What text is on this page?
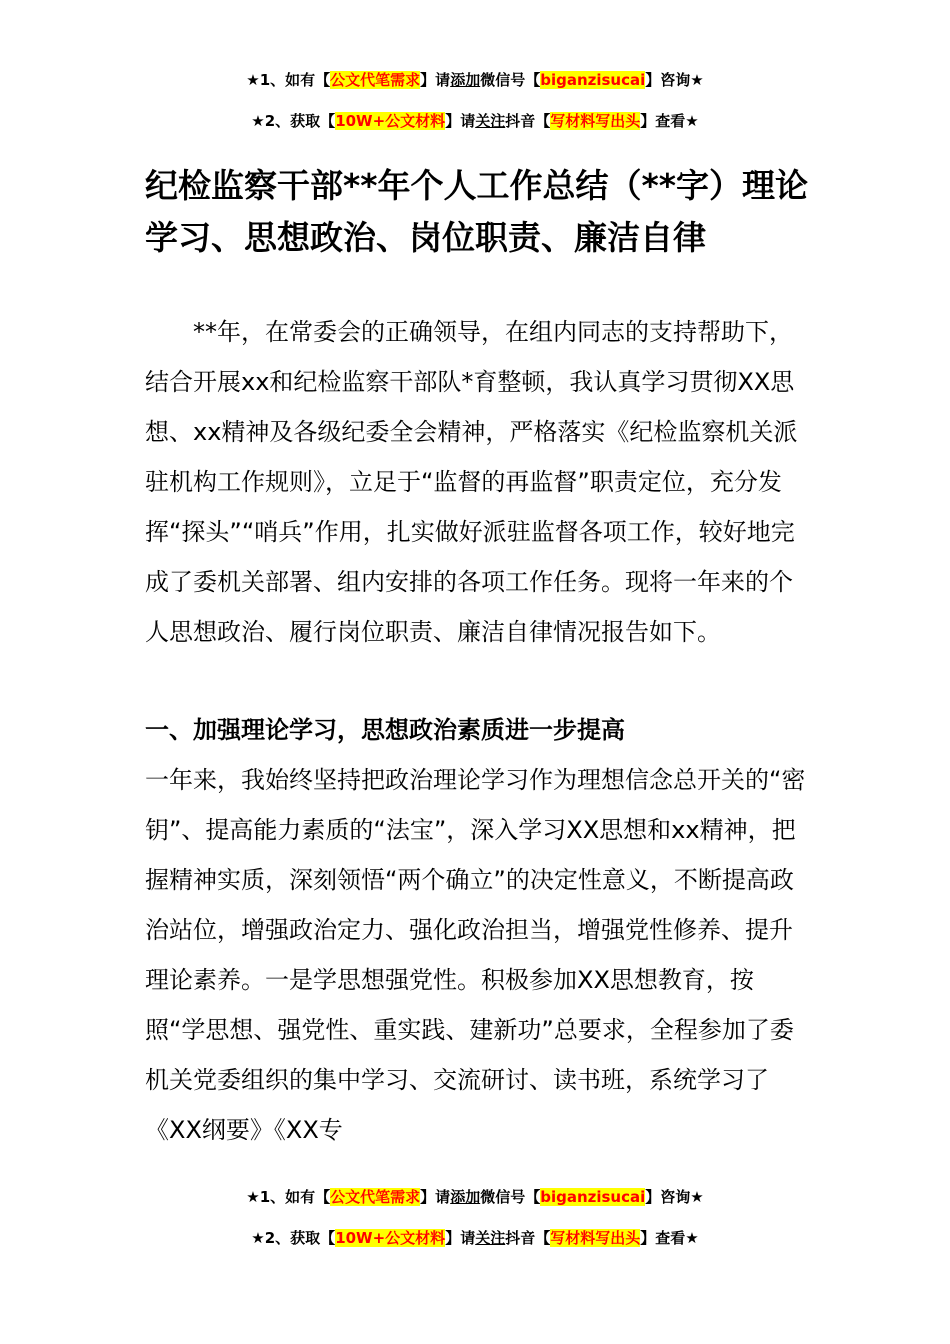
★1、如有【公文代笔需求】请添加微信号【biganzisucai】咨询★
★2、获取【10W+公文材料】请关注抖音【写材料写出头】查看★
纪检监察干部**年个人工作总结（**字）理论学习、思想政治、岗位职责、廉洁自律

**年，在常委会的正确领导，在组内同志的支持帮助下，结合开展xx和纪检监察干部队*育整顿，我认真学习贯彻XX思想、xx精神及各级纪委全会精神，严格落实《纪检监察机关派驻机构工作规则》，立足于“监督的再监督”职责定位，充分发挥“探头”“哨兵”作用，扎实做好派驻监督各项工作，较好地完成了委机关部署、组内安排的各项工作任务。现将一年来的个人思想政治、履行岗位职责、廉洁自律情况报告如下。

一、加强理论学习，思想政治素质进一步提高

一年来，我始终坚持把政治理论学习作为理想信念总开关的“密钥”、提高能力素质的“法宝”，深入学习XX思想和xx精神，把握精神实质，深刻领悟“两个确立”的决定性意义，不断提高政治站位，增强政治定力、强化政治担当，增强党性修养、提升理论素养。一是学思想强党性。积极参加XX思想教育，按照“学思想、强党性、重实践、建新功”总要求，全程参加了委机关党委组织的集中学习、交流研讨、读书班，系统学习了《XX纲要》《XX专

★1、如有【公文代笔需求】请添加微信号【biganzisucai】咨询★
★2、获取【10W+公文材料】请关注抖音【写材料写出头】查看★
